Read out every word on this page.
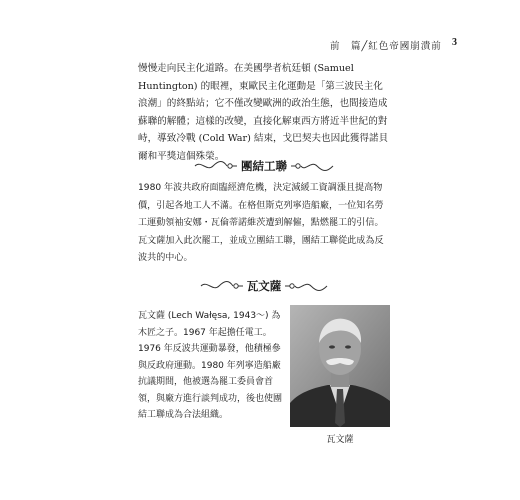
前　篇╱紅色帝國崩潰前 3

慢慢走向民主化道路。在美國學者杭廷頓 (Samuel Huntington) 的眼裡，東歐民主化運動是「第三波民主化浪潮」的終點站；它不僅改變歐洲的政治生態，也間接造成蘇聯的解體；這樣的改變，直接化解東西方將近半世紀的對峙，導致冷戰 (Cold War) 結束，戈巴契夫也因此獲得諾貝爾和平獎這個殊榮。

團結工聯

1980 年波共政府面臨經濟危機，決定減緩工資調漲且提高物價，引起各地工人不滿。在格但斯克列寧造船廠，一位知名勞工運動領袖安娜・瓦倫蒂諾維茨遭到解僱，點燃罷工的引信。瓦文薩加入此次罷工，並成立團結工聯，團結工聯從此成為反波共的中心。

瓦文薩

瓦文薩 (Lech Wałęsa, 1943～) 為木匠之子。1967 年起擔任電工。1976 年反波共運動暴發，他積極參與反政府運動。1980 年列寧造船廠抗議期間，他被選為罷工委員會首領，與廠方進行談判成功，後也使團結工聯成為合法組織。

瓦文薩
